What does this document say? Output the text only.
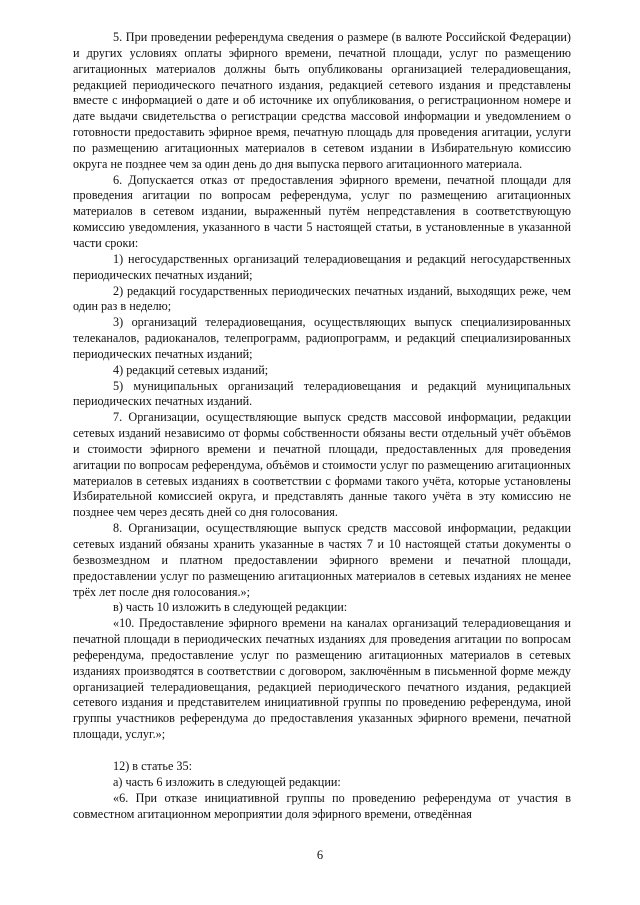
5. При проведении референдума сведения о размере (в валюте Российской Федерации) и других условиях оплаты эфирного времени, печатной площади, услуг по размещению агитационных материалов должны быть опубликованы организацией телерадиовещания, редакцией периодического печатного издания, редакцией сетевого издания и представлены вместе с информацией о дате и об источнике их опубликования, о регистрационном номере и дате выдачи свидетельства о регистрации средства массовой информации и уведомлением о готовности предоставить эфирное время, печатную площадь для проведения агитации, услуги по размещению агитационных материалов в сетевом издании в Избирательную комиссию округа не позднее чем за один день до дня выпуска первого агитационного материала.

6. Допускается отказ от предоставления эфирного времени, печатной площади для проведения агитации по вопросам референдума, услуг по размещению агитационных материалов в сетевом издании, выраженный путём непредставления в соответствующую комиссию уведомления, указанного в части 5 настоящей статьи, в установленные в указанной части сроки:

1) негосударственных организаций телерадиовещания и редакций негосударственных периодических печатных изданий;

2) редакций государственных периодических печатных изданий, выходящих реже, чем один раз в неделю;

3) организаций телерадиовещания, осуществляющих выпуск специализированных телеканалов, радиоканалов, телепрограмм, радиопрограмм, и редакций специализированных периодических печатных изданий;

4) редакций сетевых изданий;

5) муниципальных организаций телерадиовещания и редакций муниципальных периодических печатных изданий.

7. Организации, осуществляющие выпуск средств массовой информации, редакции сетевых изданий независимо от формы собственности обязаны вести отдельный учёт объёмов и стоимости эфирного времени и печатной площади, предоставленных для проведения агитации по вопросам референдума, объёмов и стоимости услуг по размещению агитационных материалов в сетевых изданиях в соответствии с формами такого учёта, которые установлены Избирательной комиссией округа, и представлять данные такого учёта в эту комиссию не позднее чем через десять дней со дня голосования.

8. Организации, осуществляющие выпуск средств массовой информации, редакции сетевых изданий обязаны хранить указанные в частях 7 и 10 настоящей статьи документы о безвозмездном и платном предоставлении эфирного времени и печатной площади, предоставлении услуг по размещению агитационных материалов в сетевых изданиях не менее трёх лет после дня голосования.»;

в) часть 10 изложить в следующей редакции:

«10. Предоставление эфирного времени на каналах организаций телерадиовещания и печатной площади в периодических печатных изданиях для проведения агитации по вопросам референдума, предоставление услуг по размещению агитационных материалов в сетевых изданиях производятся в соответствии с договором, заключённым в письменной форме между организацией телерадиовещания, редакцией периодического печатного издания, редакцией сетевого издания и представителем инициативной группы по проведению референдума, иной группы участников референдума до предоставления указанных эфирного времени, печатной площади, услуг.»;

12) в статье 35:

а) часть 6 изложить в следующей редакции:

«6. При отказе инициативной группы по проведению референдума от участия в совместном агитационном мероприятии доля эфирного времени, отведённая

6
